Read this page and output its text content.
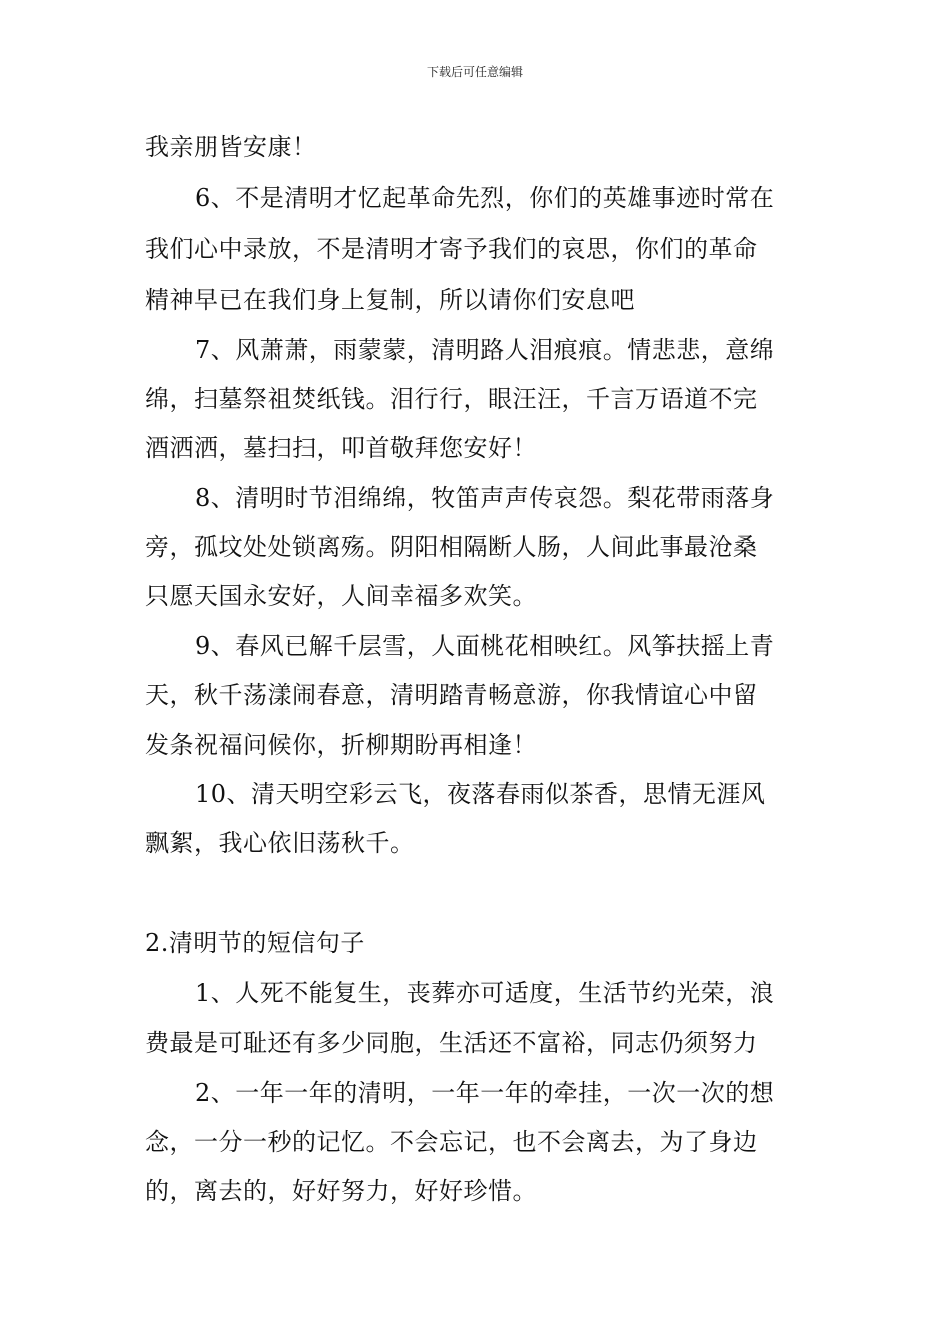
下载后可任意编辑
我亲朋皆安康！
6、不是清明才忆起革命先烈，你们的英雄事迹时常在
我们心中录放，不是清明才寄予我们的哀思，你们的革命
精神早已在我们身上复制，所以请你们安息吧
7、风萧萧，雨蒙蒙，清明路人泪痕痕。情悲悲，意绵
绵，扫墓祭祖焚纸钱。泪行行，眼汪汪，千言万语道不完
酒洒洒，墓扫扫，叩首敬拜您安好！
8、清明时节泪绵绵，牧笛声声传哀怨。梨花带雨落身
旁，孤坟处处锁离殇。阴阳相隔断人肠，人间此事最沧桑
只愿天国永安好，人间幸福多欢笑。
9、春风已解千层雪，人面桃花相映红。风筝扶摇上青
天，秋千荡漾闹春意，清明踏青畅意游，你我情谊心中留
发条祝福问候你，折柳期盼再相逢！
10、清天明空彩云飞，夜落春雨似茶香，思情无涯风
飘絮，我心依旧荡秋千。
2.清明节的短信句子
1、人死不能复生，丧葬亦可适度，生活节约光荣，浪
费最是可耻还有多少同胞，生活还不富裕，同志仍须努力
2、一年一年的清明，一年一年的牵挂，一次一次的想
念，一分一秒的记忆。不会忘记，也不会离去，为了身边
的，离去的，好好努力，好好珍惜。
